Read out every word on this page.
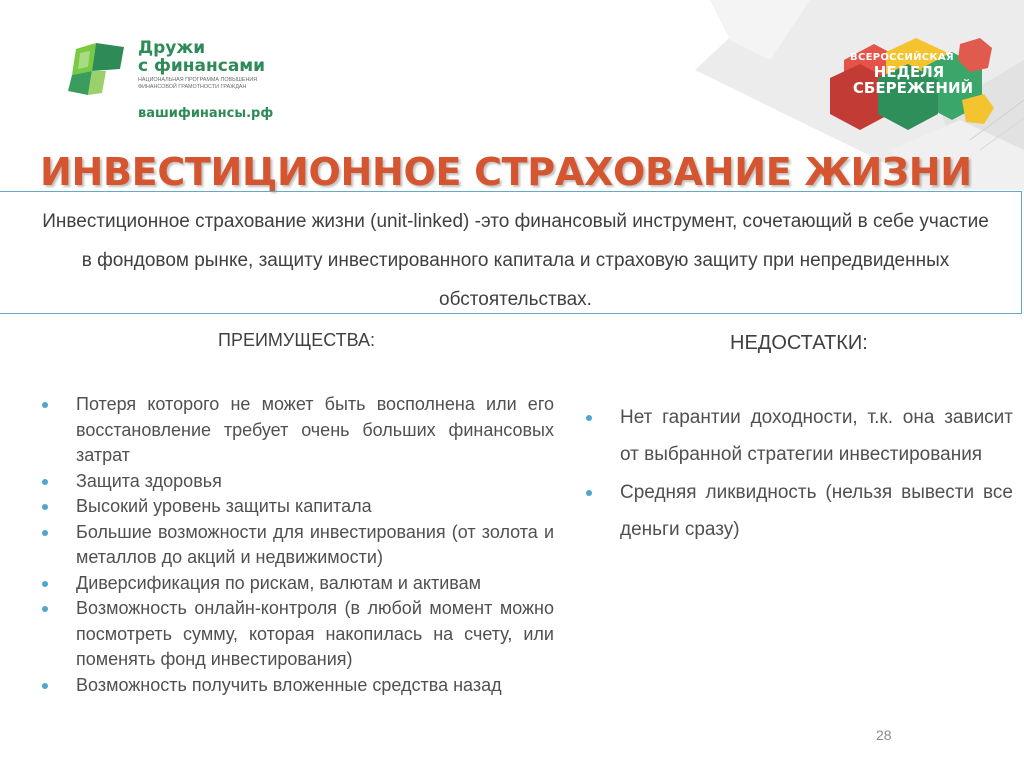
Дружи
с финансами

НАЦИОНАЛЬНАЯ ПРОГРАММА ПОВЫШЕНИЯ ФИНАНСОВОЙ ГРАМОТНОСТИ ГРАЖДАН

вашифинансы.рф

ВСЕРОССИЙСКАЯ
НЕДЕЛЯ
СБЕРЕЖЕНИЙ
ИНВЕСТИЦИОННОЕ СТРАХОВАНИЕ ЖИЗНИ

Инвестиционное страхование жизни (unit-linked) -это финансовый инструмент, сочетающий в себе участие в фондовом рынке, защиту инвестированного капитала и страховую защиту при непредвиденных обстоятельствах.

ПРЕИМУЩЕСТВА:
Потеря которого не может быть восполнена или его восстановление требует очень больших финансовых затрат
Защита здоровья
Высокий уровень защиты капитала
Большие возможности для инвестирования (от золота и металлов до акций и недвижимости)
Диверсификация по рискам, валютам и активам
Возможность онлайн-контроля (в любой момент можно посмотреть сумму, которая накопилась на счету, или поменять фонд инвестирования)
Возможность получить вложенные средства назад
НЕДОСТАТКИ:
Нет гарантии доходности, т.к. она зависит от выбранной стратегии инвестирования
Средняя ликвидность (нельзя вывести все деньги сразу)

28
